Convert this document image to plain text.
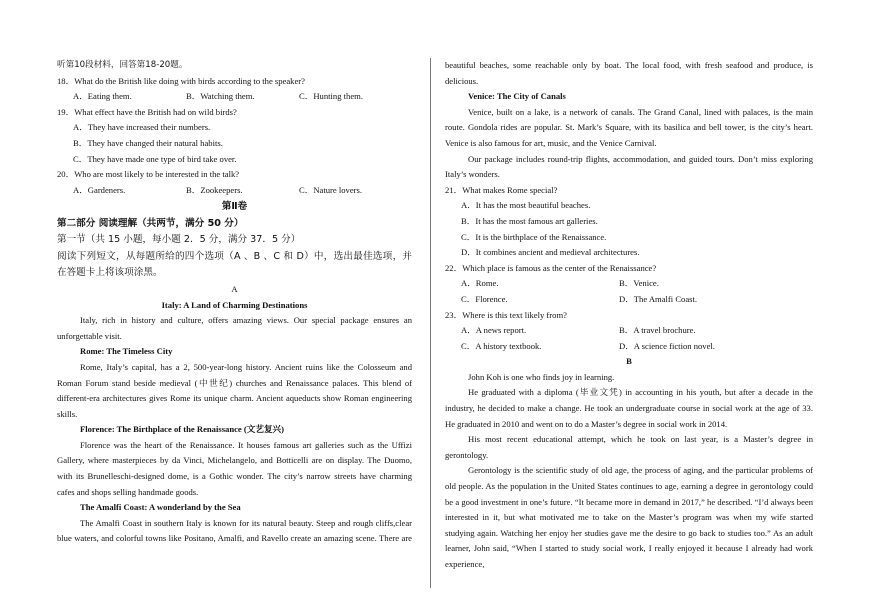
听第10段材料，回答第18-20题。

18．What do the British like doing with birds according to the speaker?

A．Eating them.	B．Watching them.	C．Hunting them.

19．What effect have the British had on wild birds?

A．They have increased their numbers.

B．They have changed their natural habits.

C．They have made one type of bird take over.

20．Who are most likely to be interested in the talk?

A．Gardeners.	B．Zookeepers.	C．Nature lovers.

第Ⅱ卷

第二部分 阅读理解（共两节，满分 50 分）

第一节（共 15 小题，每小题 2．5 分，满分 37．5 分）

阅读下列短文，从每题所给的四个选项（A 、B 、C 和 D）中，选出最佳选项，并在答题卡上将该项涂黑。

A

Italy: A Land of Charming Destinations

Italy, rich in history and culture, offers amazing views. Our special package ensures an unforgettable visit.

Rome: The Timeless City

Rome, Italy’s capital, has a 2, 500-year-long history. Ancient ruins like the Colosseum and Roman Forum stand beside medieval (中世纪) churches and Renaissance palaces. This blend of different-era architectures gives Rome its unique charm. Ancient aqueducts show Roman engineering skills.

Florence: The Birthplace of the Renaissance (文艺复兴)

Florence was the heart of the Renaissance. It houses famous art galleries such as the Uffizi Gallery, where masterpieces by da Vinci, Michelangelo, and Botticelli are on display. The Duomo, with its Brunelleschi-designed dome, is a Gothic wonder. The city’s narrow streets have charming cafes and shops selling handmade goods.

The Amalfi Coast: A wonderland by the Sea

The Amalfi Coast in southern Italy is known for its natural beauty. Steep and rough cliffs,clear blue waters, and colorful towns like Positano, Amalfi, and Ravello create an amazing scene. There are

beautiful beaches, some reachable only by boat. The local food, with fresh seafood and produce, is delicious.

Venice: The City of Canals

Venice, built on a lake, is a network of canals. The Grand Canal, lined with palaces, is the main route. Gondola rides are popular. St. Mark’s Square, with its basilica and bell tower, is the city’s heart. Venice is also famous for art, music, and the Venice Carnival.

Our package includes round-trip flights, accommodation, and guided tours. Don’t miss exploring Italy’s wonders.

21．What makes Rome special?

A．It has the most beautiful beaches.

B．It has the most famous art galleries.

C．It is the birthplace of the Renaissance.

D．It combines ancient and medieval architectures.

22．Which place is famous as the center of the Renaissance?

A．Rome.	B．Venice.
C．Florence.	D．The Amalfi Coast.

23．Where is this text likely from?

A．A news report.	B．A travel brochure.
C．A history textbook.	D．A science fiction novel.

B

John Koh is one who finds joy in learning.

He graduated with a diploma (毕业文凭) in accounting in his youth, but after a decade in the industry, he decided to make a change. He took an undergraduate course in social work at the age of 33. He graduated in 2010 and went on to do a Master’s degree in social work in 2014.

His most recent educational attempt, which he took on last year, is a Master’s degree in gerontology.

Gerontology is the scientific study of old age, the process of aging, and the particular problems of old people. As the population in the United States continues to age, earning a degree in gerontology could be a good investment in one’s future. “It became more in demand in 2017,” he described. “I’d always been interested in it, but what motivated me to take on the Master’s program was when my wife started studying again. Watching her enjoy her studies gave me the desire to go back to studies too.” As an adult learner, John said, “When I started to study social work, I really enjoyed it because I already had work experience,
